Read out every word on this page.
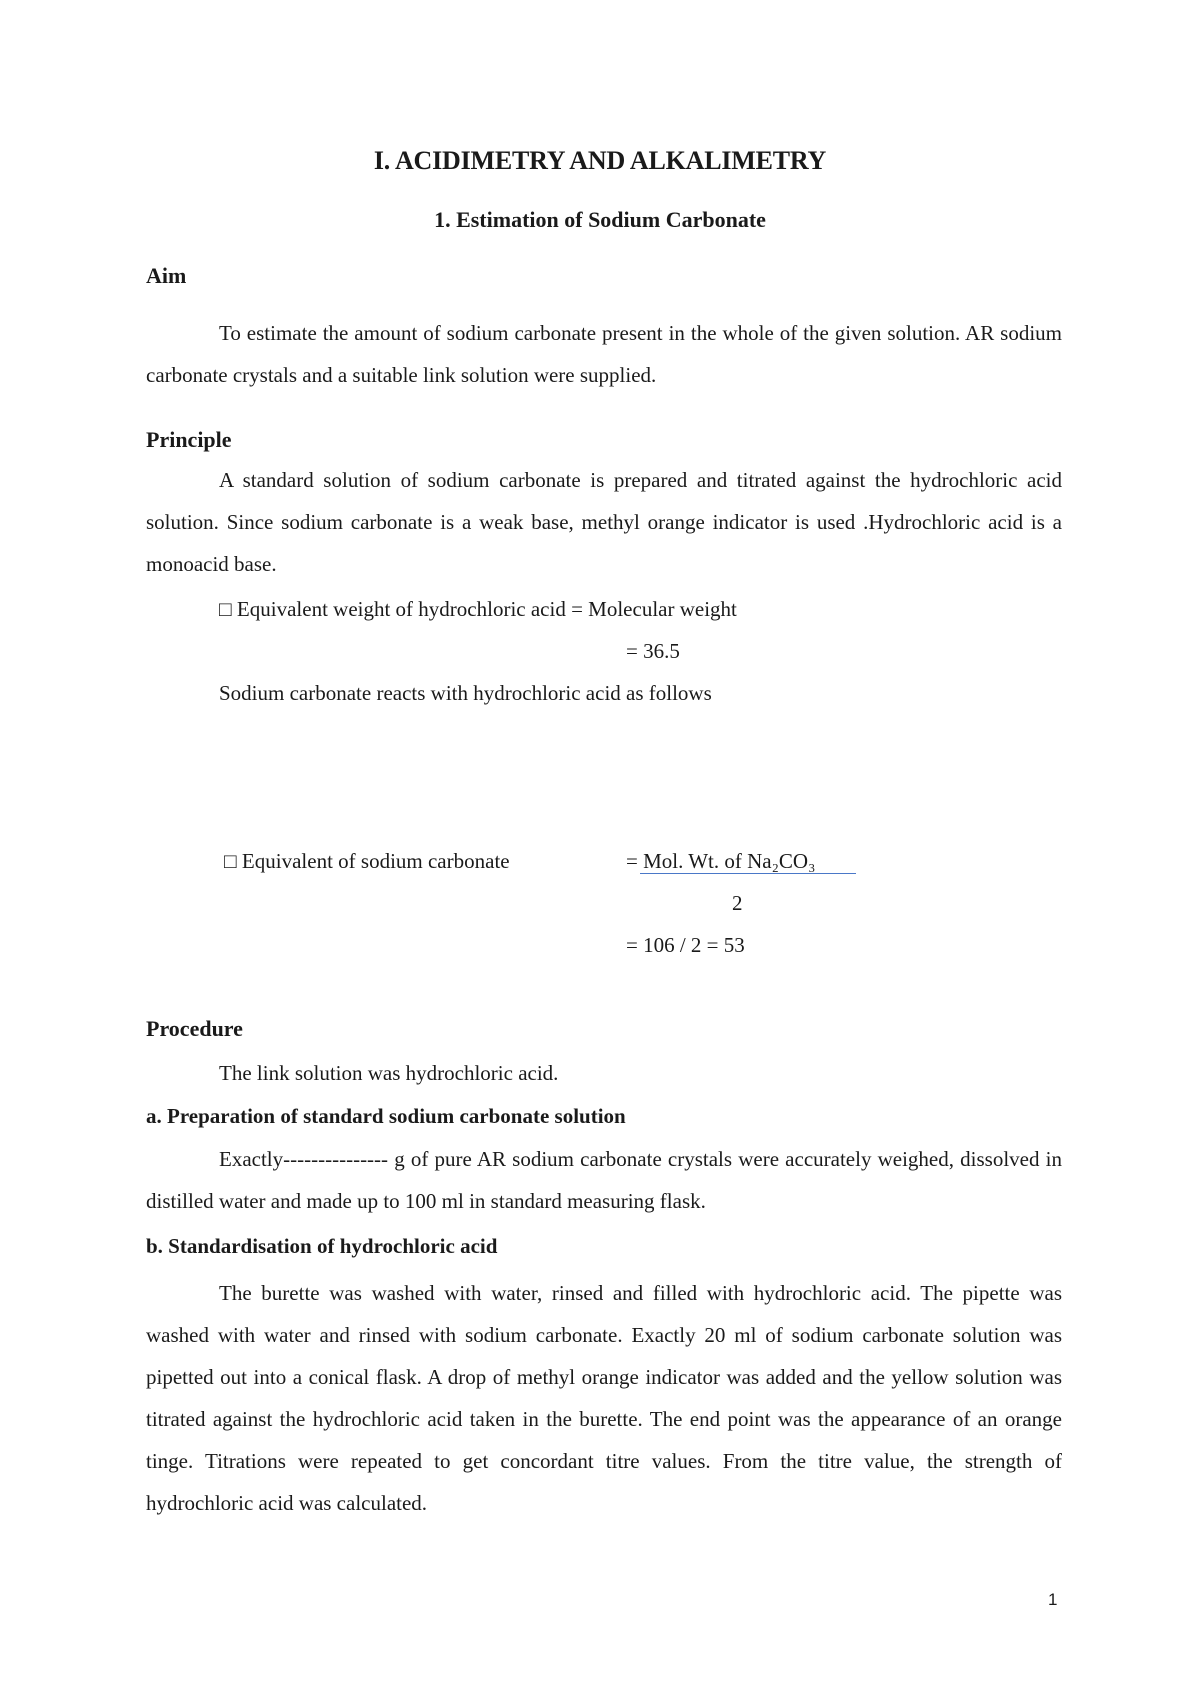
I. ACIDIMETRY AND ALKALIMETRY
1. Estimation of Sodium Carbonate
Aim

To estimate the amount of sodium carbonate present in the whole of the given solution. AR sodium carbonate crystals and a suitable link solution were supplied.

Principle

A standard solution of sodium carbonate is prepared and titrated against the hydrochloric acid solution. Since sodium carbonate is a weak base, methyl orange indicator is used .Hydrochloric acid is a monoacid base.

□ Equivalent weight of hydrochloric acid = Molecular weight
= 36.5
Sodium carbonate reacts with hydrochloric acid as follows
□ Equivalent of sodium carbonate	= Mol. Wt. of Na₂CO₃
2
= 106 / 2 = 53
Procedure
The link solution was hydrochloric acid.
a. Preparation of standard sodium carbonate solution

Exactly--------------- g of pure AR sodium carbonate crystals were accurately weighed, dissolved in distilled water and made up to 100 ml in standard measuring flask.

b. Standardisation of hydrochloric acid

The burette was washed with water, rinsed and filled with hydrochloric acid. The pipette was washed with water and rinsed with sodium carbonate. Exactly 20 ml of sodium carbonate solution was pipetted out into a conical flask. A drop of methyl orange indicator was added and the yellow solution was titrated against the hydrochloric acid taken in the burette. The end point was the appearance of an orange tinge. Titrations were repeated to get concordant titre values. From the titre value, the strength of hydrochloric acid was calculated.

1
